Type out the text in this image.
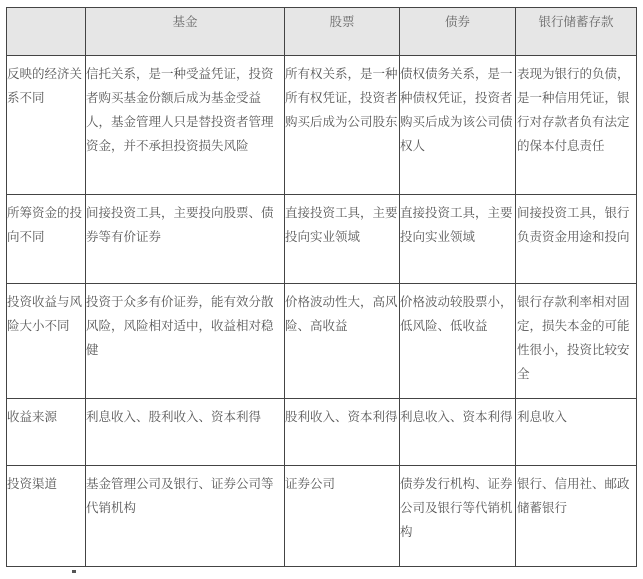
	基金	股票	债券	银行储蓄存款

反映的经济关系不同	信托关系，是一种受益凭证，投资者购买基金份额后成为基金受益人，基金管理人只是替投资者管理资金，并不承担投资损失风险	所有权关系，是一种所有权凭证，投资者购买后成为公司股东	债权债务关系，是一种债权凭证，投资者购买后成为该公司债权人	表现为银行的负债，是一种信用凭证，银行对存款者负有法定的保本付息责任

所筹资金的投向不同	间接投资工具，主要投向股票、债券等有价证券	直接投资工具，主要投向实业领域	直接投资工具，主要投向实业领域	间接投资工具，银行负责资金用途和投向

投资收益与风险大小不同	投资于众多有价证券，能有效分散风险，风险相对适中，收益相对稳健	价格波动性大，高风险、高收益	价格波动较股票小，低风险、低收益	银行存款利率相对固定，损失本金的可能性很小，投资比较安全

收益来源	利息收入、股利收入、资本利得	股利收入、资本利得	利息收入、资本利得	利息收入

投资渠道	基金管理公司及银行、证券公司等代销机构	证券公司	债券发行机构、证券公司及银行等代销机构	银行、信用社、邮政储蓄银行
